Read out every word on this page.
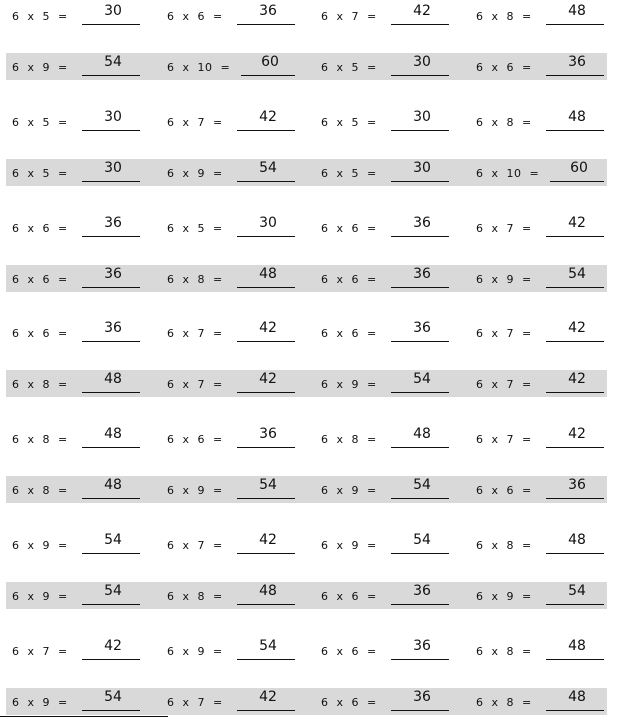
6  x  5  =	30	6  x  6  =	36	6  x  7  =	42	6  x  8  =	48
6  x  9  =	54	6  x  10  =	60	6  x  5  =	30	6  x  6  =	36
6  x  5  =	30	6  x  7  =	42	6  x  5  =	30	6  x  8  =	48
6  x  5  =	30	6  x  9  =	54	6  x  5  =	30	6  x  10  =	60
6  x  6  =	36	6  x  5  =	30	6  x  6  =	36	6  x  7  =	42
6  x  6  =	36	6  x  8  =	48	6  x  6  =	36	6  x  9  =	54
6  x  6  =	36	6  x  7  =	42	6  x  6  =	36	6  x  7  =	42
6  x  8  =	48	6  x  7  =	42	6  x  9  =	54	6  x  7  =	42
6  x  8  =	48	6  x  6  =	36	6  x  8  =	48	6  x  7  =	42
6  x  8  =	48	6  x  9  =	54	6  x  9  =	54	6  x  6  =	36
6  x  9  =	54	6  x  7  =	42	6  x  9  =	54	6  x  8  =	48
6  x  9  =	54	6  x  8  =	48	6  x  6  =	36	6  x  9  =	54
6  x  7  =	42	6  x  9  =	54	6  x  6  =	36	6  x  8  =	48
6  x  9  =	54	6  x  7  =	42	6  x  6  =	36	6  x  8  =	48
